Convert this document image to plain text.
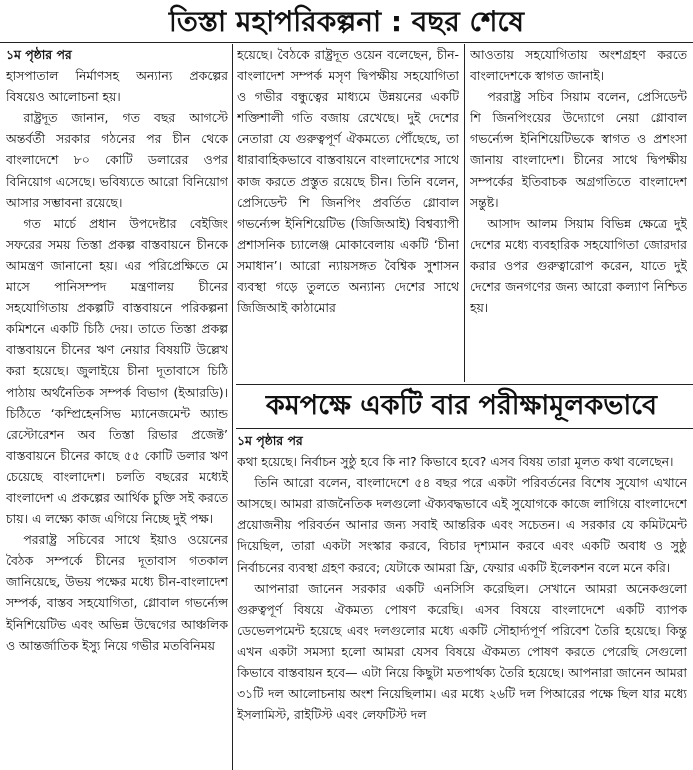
তিস্তা মহাপরিকল্পনা : বছর শেষে
১ম পৃষ্ঠার পর

হাসপাতাল নির্মাণসহ অন্যান্য প্রকল্পের বিষয়েও আলোচনা হয়।

রাষ্ট্রদূত জানান, গত বছর আগস্টে অন্তর্বর্তী সরকার গঠনের পর চীন থেকে বাংলাদেশে ৮০ কোটি ডলারের ওপর বিনিয়োগ এসেছে। ভবিষ্যতে আরো বিনিয়োগ আসার সম্ভাবনা রয়েছে।

গত মার্চে প্রধান উপদেষ্টার বেইজিং সফরের সময় তিস্তা প্রকল্প বাস্তবায়নে চীনকে আমন্ত্রণ জানানো হয়। এর পরিপ্রেক্ষিতে মে মাসে পানিসম্পদ মন্ত্রণালয় চীনের সহযোগিতায় প্রকল্পটি বাস্তবায়নে পরিকল্পনা কমিশনে একটি চিঠি দেয়। তাতে তিস্তা প্রকল্প বাস্তবায়নে চীনের ঋণ নেয়ার বিষয়টি উল্লেখ করা হয়েছে। জুলাইয়ে চীনা দূতাবাসে চিঠি পাঠায় অর্থনৈতিক সম্পর্ক বিভাগ (ইআরডি)। চিঠিতে ‘কম্প্রিহেনসিভ ম্যানেজমেন্ট অ্যান্ড রেস্টোরেশন অব তিস্তা রিভার প্রজেক্ট’ বাস্তবায়নে চীনের কাছে ৫৫ কোটি ডলার ঋণ চেয়েছে বাংলাদেশ। চলতি বছরের মধ্যেই বাংলাদেশ এ প্রকল্পের আর্থিক চুক্তি সই করতে চায়। এ লক্ষ্যে কাজ এগিয়ে নিচ্ছে দুই পক্ষ।

পররাষ্ট্র সচিবের সাথে ইয়াও ওয়েনের বৈঠক সম্পর্কে চীনের দূতাবাস গতকাল জানিয়েছে, উভয় পক্ষের মধ্যে চীন-বাংলাদেশ সম্পর্ক, বাস্তব সহযোগিতা, গ্লোবাল গভর্ন্যেন্স ইনিশিয়েটিভ এবং অভিন্ন উদ্বেগের আঞ্চলিক ও আন্তর্জাতিক ইস্যু নিয়ে গভীর মতবিনিময়

হয়েছে। বৈঠকে রাষ্ট্রদূত ওয়েন বলেছেন, চীন-বাংলাদেশ সম্পর্ক মসৃণ দ্বিপক্ষীয় সহযোগিতা ও গভীর বন্ধুত্বের মাধ্যমে উন্নয়নের একটি শক্তিশালী গতি বজায় রেখেছে। দুই দেশের নেতারা যে গুরুত্বপূর্ণ ঐকমত্যে পৌঁছেছে, তা ধারাবাহিকভাবে বাস্তবায়নে বাংলাদেশের সাথে কাজ করতে প্রস্তুত রয়েছে চীন। তিনি বলেন, প্রেসিডেন্ট শি জিনপিং প্রবর্তিত গ্লোবাল গভর্ন্যেন্স ইনিশিয়েটিভ (জিজিআই) বিশ্বব্যাপী প্রশাসনিক চ্যালেঞ্জ মোকাবেলায় একটি ‘চীনা সমাধান’। আরো ন্যায়সঙ্গত বৈশ্বিক সুশাসন ব্যবস্থা গড়ে তুলতে অন্যান্য দেশের সাথে জিজিআই কাঠামোর

আওতায় সহযোগিতায় অংশগ্রহণ করতে বাংলাদেশকে স্বাগত জানাই।

পররাষ্ট্র সচিব সিয়াম বলেন, প্রেসিডেন্ট শি জিনপিংয়ের উদ্যোগে নেয়া গ্লোবাল গভর্ন্যেন্স ইনিশিয়েটিভকে স্বাগত ও প্রশংসা জানায় বাংলাদেশ। চীনের সাথে দ্বিপক্ষীয় সম্পর্কের ইতিবাচক অগ্রগতিতে বাংলাদেশ সন্তুষ্ট।

আসাদ আলম সিয়াম বিভিন্ন ক্ষেত্রে দুই দেশের মধ্যে ব্যবহারিক সহযোগিতা জোরদার করার ওপর গুরুত্বারোপ করেন, যাতে দুই দেশের জনগণের জন্য আরো কল্যাণ নিশ্চিত হয়।

কমপক্ষে একটি বার পরীক্ষামূলকভাবে
১ম পৃষ্ঠার পর

কথা হয়েছে। নির্বাচন সুষ্ঠু হবে কি না? কিভাবে হবে? এসব বিষয় তারা মূলত কথা বলেছেন।

তিনি আরো বলেন, বাংলাদেশে ৫৪ বছর পরে একটা পরিবর্তনের বিশেষ সুযোগ এখানে আসছে। আমরা রাজনৈতিক দলগুলো ঐক্যবদ্ধভাবে এই সুযোগকে কাজে লাগিয়ে বাংলাদেশে প্রয়োজনীয় পরিবর্তন আনার জন্য সবাই আন্তরিক এবং সচেতন। এ সরকার যে কমিটমেন্ট দিয়েছিল, তারা একটা সংস্কার করবে, বিচার দৃশ্যমান করবে এবং একটি অবাধ ও সুষ্ঠু নির্বাচনের ব্যবস্থা গ্রহণ করবে; যেটাকে আমরা ফ্রি, ফেয়ার একটি ইলেকশন বলে মনে করি।

আপনারা জানেন সরকার একটি এনসিসি করেছিল। সেখানে আমরা অনেকগুলো গুরুত্বপূর্ণ বিষয়ে ঐকমত্য পোষণ করেছি। এসব বিষয়ে বাংলাদেশে একটি ব্যাপক ডেভেলপমেন্ট হয়েছে এবং দলগুলোর মধ্যে একটি সৌহার্দ্যপূর্ণ পরিবেশ তৈরি হয়েছে। কিন্তু এখন একটা সমস্যা হলো আমরা যেসব বিষয়ে ঐকমত্য পোষণ করতে পেরেছি সেগুলো কিভাবে বাস্তবায়ন হবে— এটা নিয়ে কিছুটা মতপার্থক্য তৈরি হয়েছে। আপনারা জানেন আমরা ৩১টি দল আলোচনায় অংশ নিয়েছিলাম। এর মধ্যে ২৬টি দল পিআরের পক্ষে ছিল যার মধ্যে ইসলামিস্ট, রাইটিস্ট এবং লেফটিস্ট দল
